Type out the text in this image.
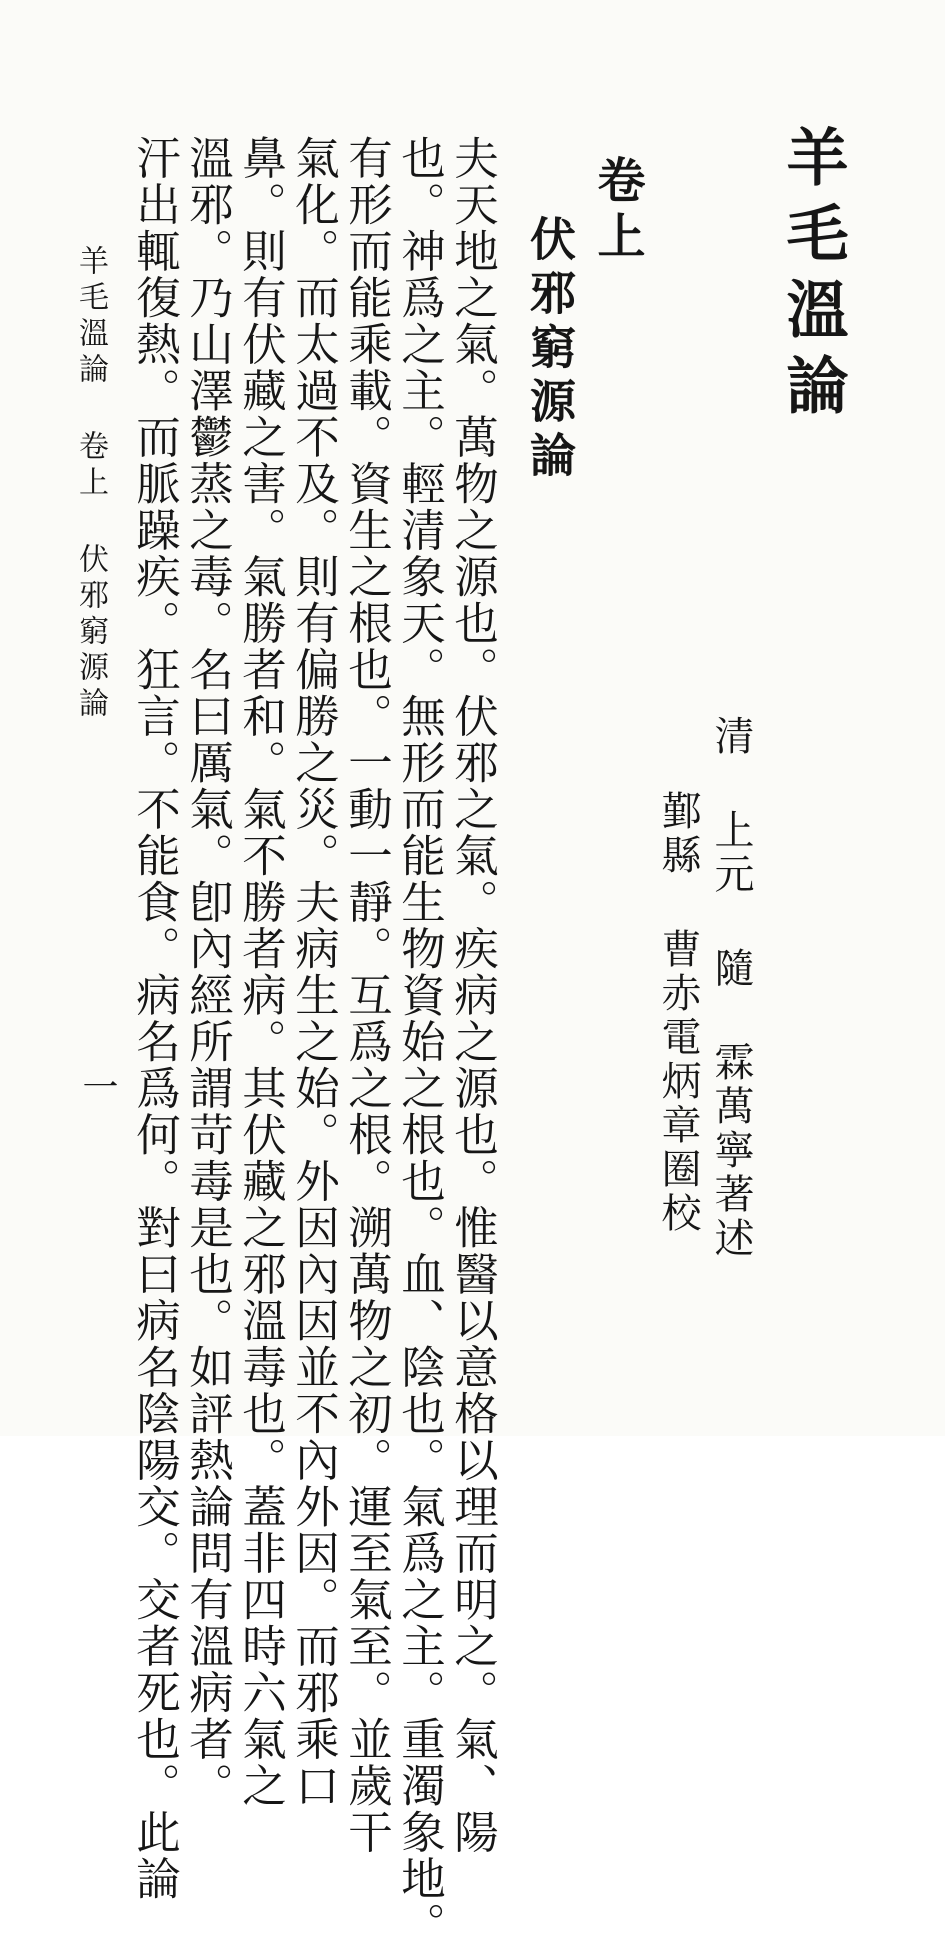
羊毛溫論
清 上元 隨 霖萬寧著述
鄞縣 曹赤電炳章圈校
卷上
伏邪窮源論
夫天地之氣。萬物之源也。伏邪之氣。疾病之源也。惟醫以意格以理而明之。氣、陽
也。神爲之主。輕清象天。無形而能生物資始之根也。血、陰也。氣爲之主。重濁象地。
有形而能乘載。資生之根也。一動一靜。互爲之根。溯萬物之初。運至氣至。並歲干
氣化。而太過不及。則有偏勝之災。夫病生之始。外因內因並不內外因。而邪乘口
鼻。則有伏藏之害。氣勝者和。氣不勝者病。其伏藏之邪溫毒也。蓋非四時六氣之
溫邪。乃山澤鬱蒸之毒。名曰厲氣。卽內經所謂苛毒是也。如評熱論問有溫病者。
汗出輒復熱。而脈躁疾。狂言。不能食。病名爲何。對曰病名陰陽交。交者死也。此論
羊毛溫論 卷上 伏邪窮源論
一
